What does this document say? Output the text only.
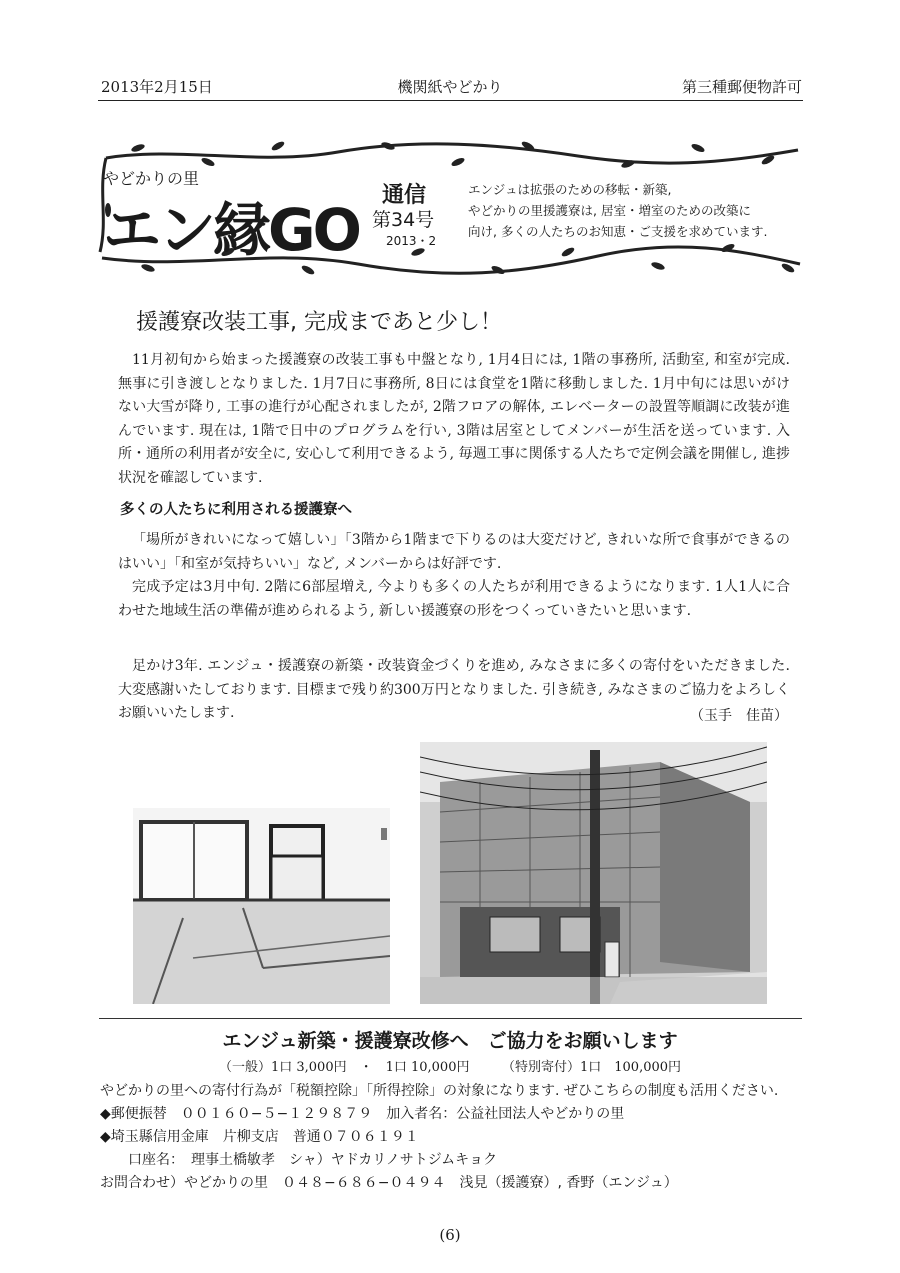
2013年2月15日	機関紙やどかり	第三種郵便物許可
やどかりの里
エン縁GO
通信
第34号
2013・2
エンジュは拡張のための移転・新築,
やどかりの里援護寮は, 居室・増室のための改築に
向け, 多くの人たちのお知恵・ご支援を求めています.
援護寮改装工事, 完成まであと少し！

11月初旬から始まった援護寮の改装工事も中盤となり, 1月4日には, 1階の事務所, 活動室, 和室が完成. 無事に引き渡しとなりました. 1月7日に事務所, 8日には食堂を1階に移動しました. 1月中旬には思いがけない大雪が降り, 工事の進行が心配されましたが, 2階フロアの解体, エレベーターの設置等順調に改装が進んでいます. 現在は, 1階で日中のプログラムを行い, 3階は居室としてメンバーが生活を送っています. 入所・通所の利用者が安全に, 安心して利用できるよう, 毎週工事に関係する人たちで定例会議を開催し, 進捗状況を確認しています.

多くの人たちに利用される援護寮へ

「場所がきれいになって嬉しい」「3階から1階まで下りるのは大変だけど, きれいな所で食事ができるのはいい」「和室が気持ちいい」など, メンバーからは好評です.

完成予定は3月中旬. 2階に6部屋増え, 今よりも多くの人たちが利用できるようになります. 1人1人に合わせた地域生活の準備が進められるよう, 新しい援護寮の形をつくっていきたいと思います.

足かけ3年. エンジュ・援護寮の新築・改装資金づくりを進め, みなさまに多くの寄付をいただきました. 大変感謝いたしております. 目標まで残り約300万円となりました. 引き続き, みなさまのご協力をよろしくお願いいたします.	（玉手　佳苗）
エンジュ新築・援護寮改修へ　ご協力をお願いします
（一般）1口 3,000円　・　1口 10,000円　　　（特別寄付）1口　100,000円
やどかりの里への寄付行為が「税額控除」「所得控除」の対象になります. ぜひこちらの制度も活用ください.
◆郵便振替　００１６０−５−１２９８７９　加入者名：公益社団法人やどかりの里
◆埼玉縣信用金庫　片柳支店　普通０７０６１９１
　　口座名：　理事土橋敏孝　シャ）ヤドカリノサトジムキョク
お問合わせ）やどかりの里　０４８−６８６−０４９４　浅見（援護寮）, 香野（エンジュ）
(6)
